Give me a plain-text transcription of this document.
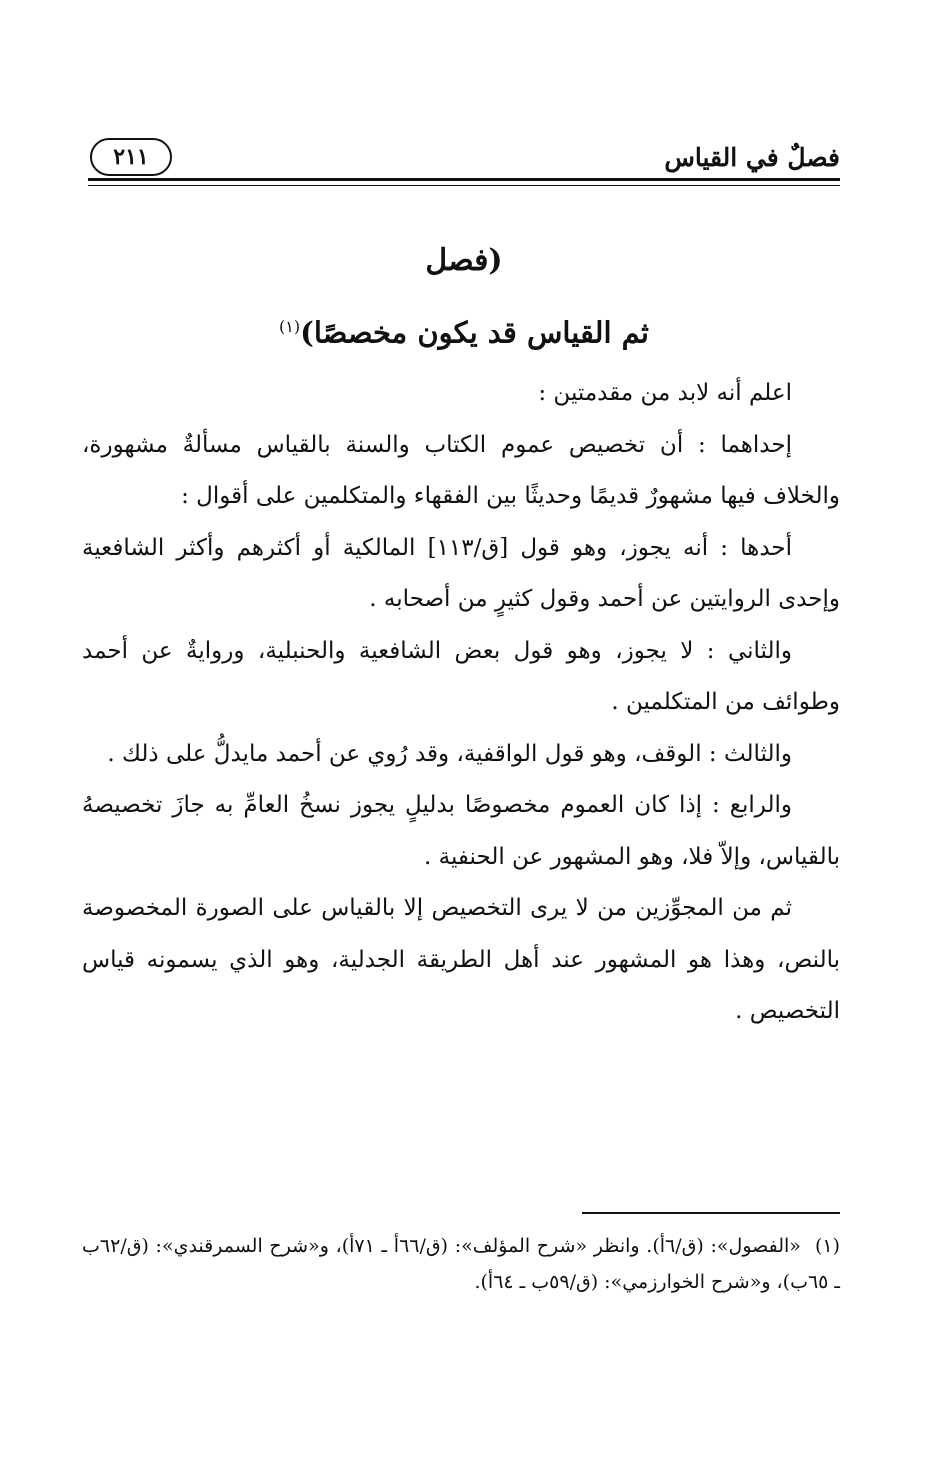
فصلٌ في القياس
٢١١
(فصل
ثم القياس قد يكون مخصصًا)$^{(١)}$

اعلم أنه لابد من مقدمتين :

إحداهما : أن تخصيص عموم الكتاب والسنة بالقياس مسألةٌ مشهورة، والخلاف فيها مشهورٌ قديمًا وحديثًا بين الفقهاء والمتكلمين على أقوال :

أحدها : أنه يجوز، وهو قول [ق/١١٣] المالكية أو أكثرهم وأكثر الشافعية وإحدى الروايتين عن أحمد وقول كثيرٍ من أصحابه .

والثاني : لا يجوز، وهو قول بعض الشافعية والحنبلية، وروايةٌ عن أحمد وطوائف من المتكلمين .

والثالث : الوقف، وهو قول الواقفية، وقد رُوي عن أحمد مايدلُّ على ذلك .

والرابع : إذا كان العموم مخصوصًا بدليلٍ يجوز نسخُ العامِّ به جازَ تخصيصهُ بالقياس، وإلاّ فلا، وهو المشهور عن الحنفية .

ثم من المجوِّزين من لا يرى التخصيص إلا بالقياس على الصورة المخصوصة بالنص، وهذا هو المشهور عند أهل الطريقة الجدلية، وهو الذي يسمونه قياس التخصيص .

(١)«الفصول»: (ق/٦أ). وانظر «شرح المؤلف»: (ق/٦٦أ ـ ٧١أ)، و«شرح السمرقندي»: (ق/٦٢ب ـ ٦٥ب)، و«شرح الخوارزمي»: (ق/٥٩ب ـ ٦٤أ).
